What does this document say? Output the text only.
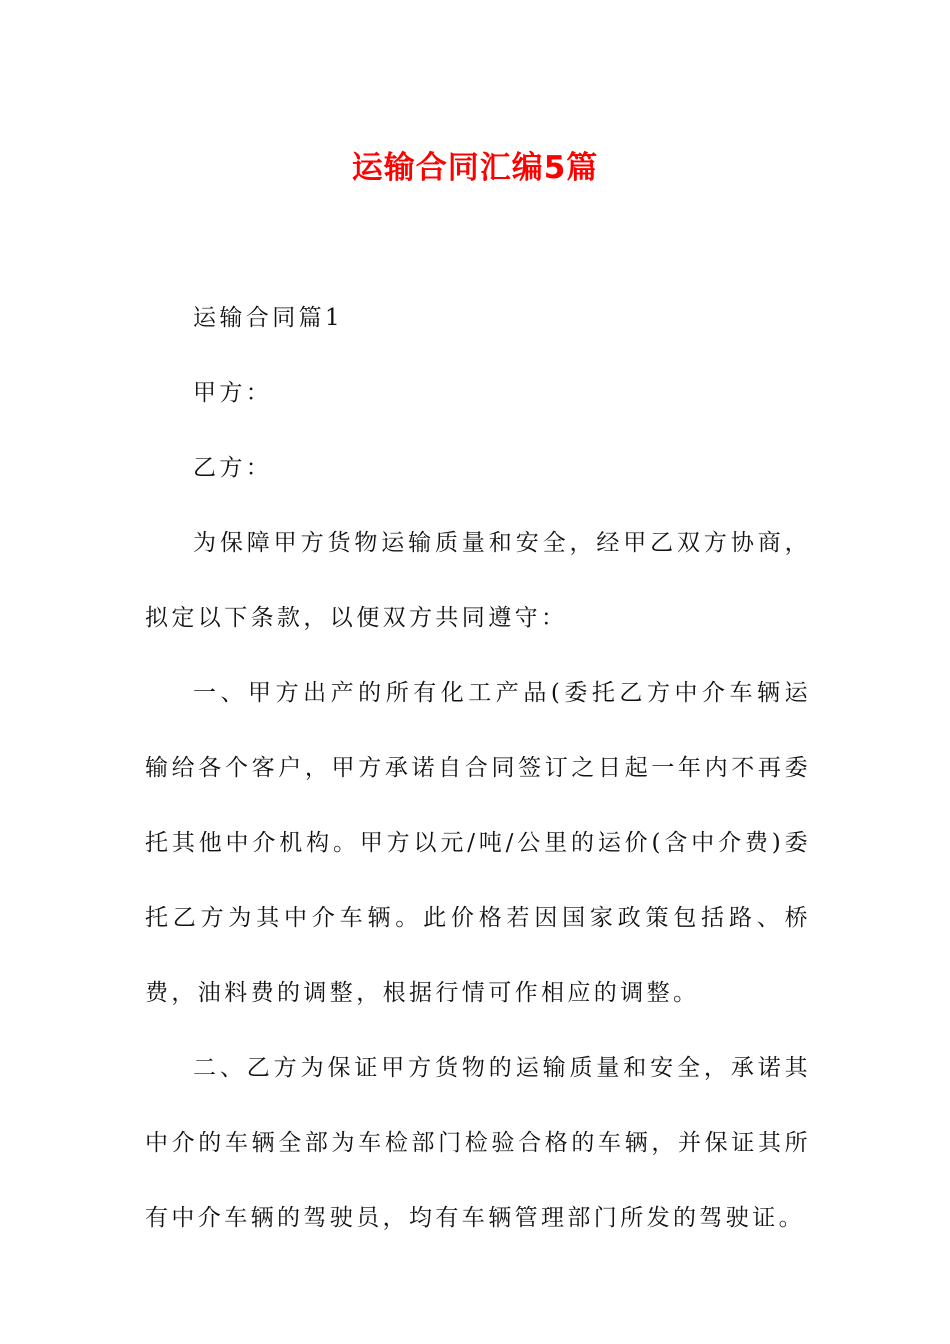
运输合同汇编5篇

运输合同篇1

甲方：

乙方：

为保障甲方货物运输质量和安全，经甲乙双方协商，拟定以下条款，以便双方共同遵守：

一、甲方出产的所有化工产品(委托乙方中介车辆运输给各个客户，甲方承诺自合同签订之日起一年内不再委托其他中介机构。甲方以元/吨/公里的运价(含中介费)委托乙方为其中介车辆。此价格若因国家政策包括路、桥费，油料费的调整，根据行情可作相应的调整。

二、乙方为保证甲方货物的运输质量和安全，承诺其中介的车辆全部为车检部门检验合格的车辆，并保证其所有中介车辆的驾驶员，均有车辆管理部门所发的驾驶证。
